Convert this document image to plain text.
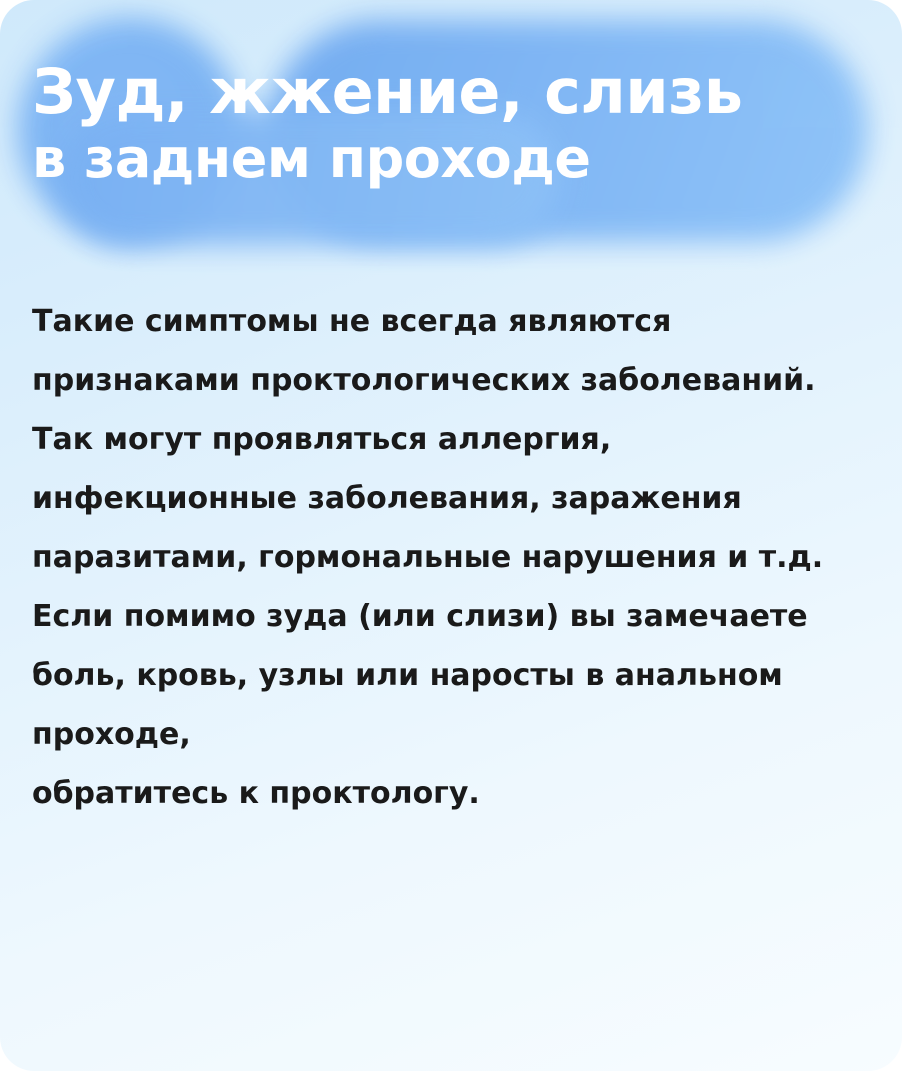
Зуд, жжение, слизь
в заднем проходе

Такие симптомы не всегда являются признаками проктологических заболеваний. Так могут проявляться аллергия, инфекционные заболевания, заражения паразитами, гормональные нарушения и т.д.

Если помимо зуда (или слизи) вы замечаете боль, кровь, узлы или наросты в анальном проходе,

обратитесь к проктологу.
